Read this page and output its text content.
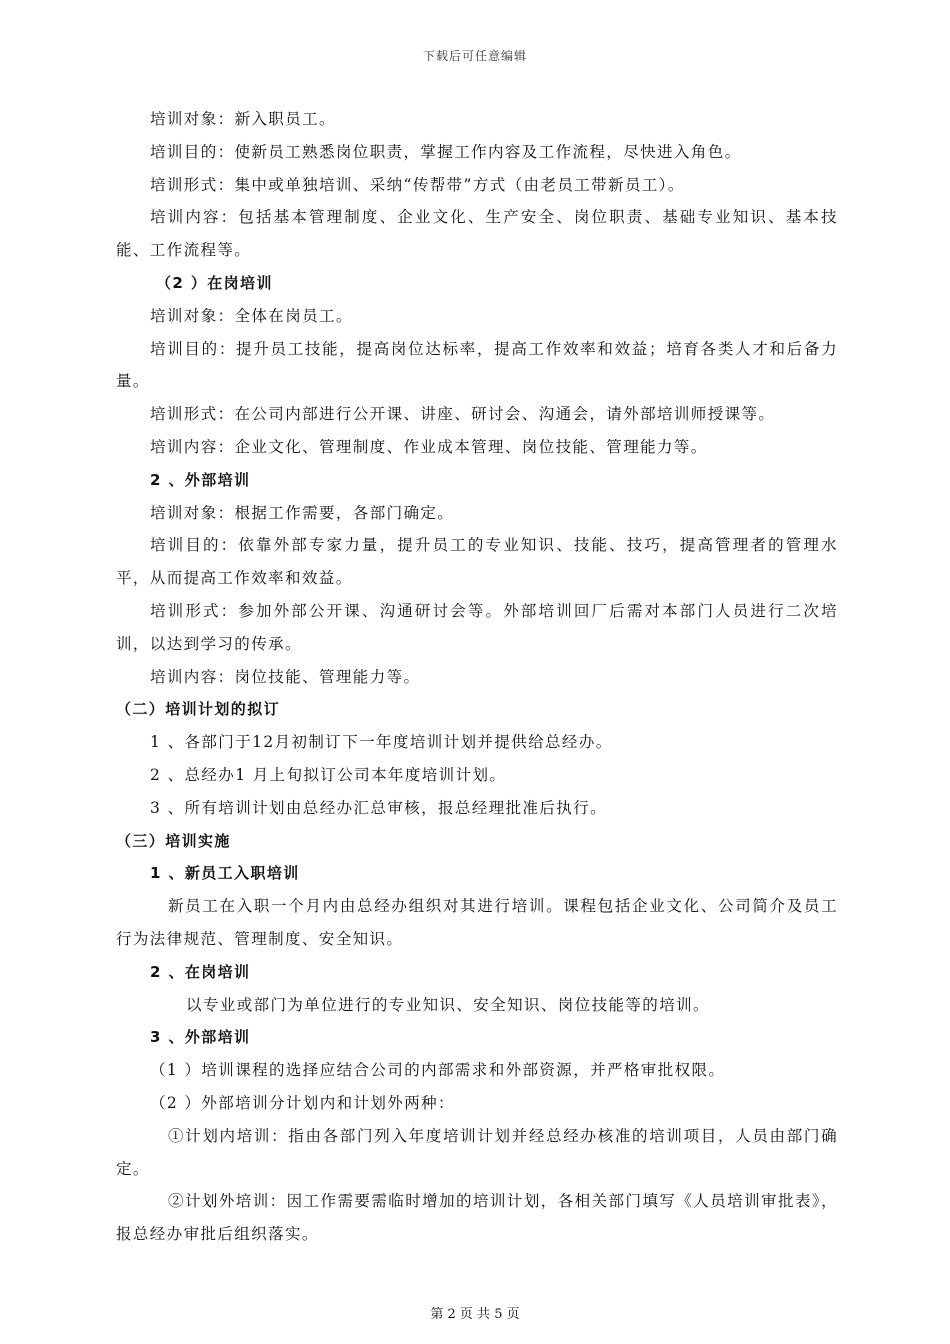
下载后可任意编辑

培训对象：新入职员工。

培训目的：使新员工熟悉岗位职责，掌握工作内容及工作流程，尽快进入角色。

培训形式：集中或单独培训、采纳“传帮带”方式（由老员工带新员工）。

培训内容：包括基本管理制度、企业文化、生产安全、岗位职责、基础专业知识、基本技能、工作流程等。

（2 ）在岗培训

培训对象：全体在岗员工。

培训目的：提升员工技能，提高岗位达标率，提高工作效率和效益；培育各类人才和后备力量。

培训形式：在公司内部进行公开课、讲座、研讨会、沟通会，请外部培训师授课等。

培训内容：企业文化、管理制度、作业成本管理、岗位技能、管理能力等。

2 、外部培训

培训对象：根据工作需要，各部门确定。

培训目的：依靠外部专家力量，提升员工的专业知识、技能、技巧，提高管理者的管理水平，从而提高工作效率和效益。

培训形式：参加外部公开课、沟通研讨会等。外部培训回厂后需对本部门人员进行二次培训，以达到学习的传承。

培训内容：岗位技能、管理能力等。

（二）培训计划的拟订

1 、各部门于12月初制订下一年度培训计划并提供给总经办。

2 、总经办1 月上旬拟订公司本年度培训计划。

3 、所有培训计划由总经办汇总审核，报总经理批准后执行。

（三）培训实施

1 、新员工入职培训

新员工在入职一个月内由总经办组织对其进行培训。课程包括企业文化、公司简介及员工行为法律规范、管理制度、安全知识。

2 、在岗培训

以专业或部门为单位进行的专业知识、安全知识、岗位技能等的培训。

3 、外部培训

（1 ）培训课程的选择应结合公司的内部需求和外部资源，并严格审批权限。

（2 ）外部培训分计划内和计划外两种：

①计划内培训：指由各部门列入年度培训计划并经总经办核准的培训项目，人员由部门确定。

②计划外培训：因工作需要需临时增加的培训计划，各相关部门填写《人员培训审批表》，报总经办审批后组织落实。

第 2 页 共 5 页
